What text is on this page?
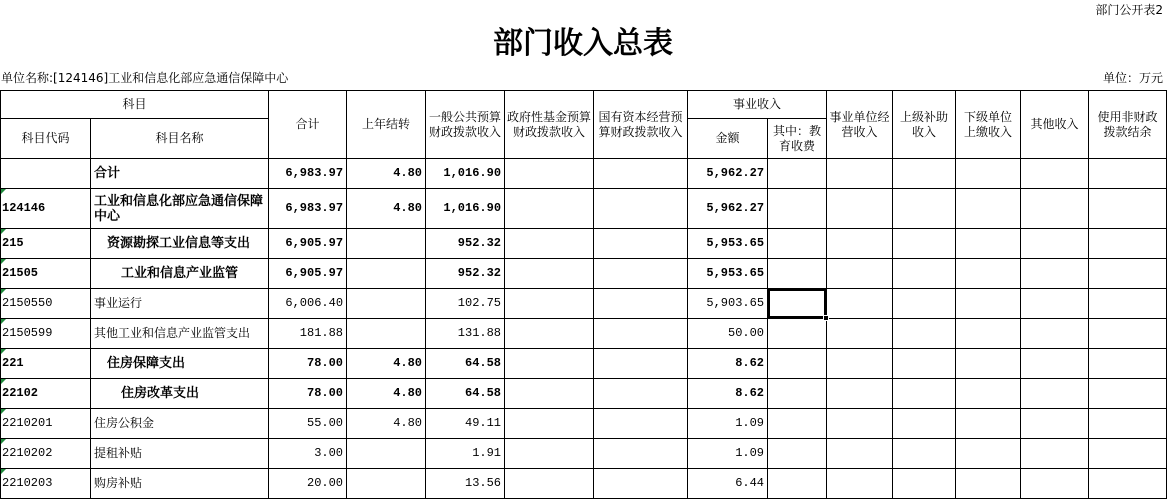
部门公开表2
部门收入总表
单位名称:[124146]工业和信息化部应急通信保障中心	单位：万元
科目		合计	上年结转	一般公共预算财政拨款收入	政府性基金预算财政拨款收入	国有资本经营预算财政拨款收入	事业收入		事业单位经营收入	上级补助收入	下级单位上缴收入	其他收入	使用非财政拨款结余
科目代码	科目名称						金额	其中：教育收费					
	合计	6,983.97	4.80	1,016.90			5,962.27						
124146	工业和信息化部应急通信保障中心	6,983.97	4.80	1,016.90			5,962.27						
215	资源勘探工业信息等支出	6,905.97		952.32			5,953.65						
21505	工业和信息产业监管	6,905.97		952.32			5,953.65						
2150550	事业运行	6,006.40		102.75			5,903.65						
2150599	其他工业和信息产业监管支出	181.88		131.88			50.00						
221	住房保障支出	78.00	4.80	64.58			8.62						
22102	住房改革支出	78.00	4.80	64.58			8.62						
2210201	住房公积金	55.00	4.80	49.11			1.09						
2210202	提租补贴	3.00		1.91			1.09						
2210203	购房补贴	20.00		13.56			6.44						
